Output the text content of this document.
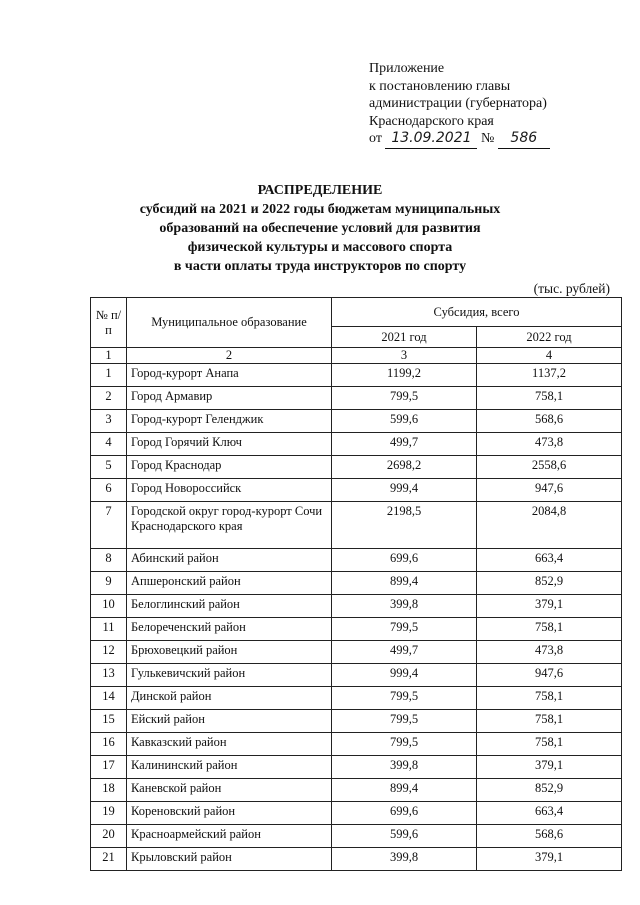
Приложение
к постановлению главы
администрации (губернатора)
Краснодарского края
от 13.09.2021 № 586
РАСПРЕДЕЛЕНИЕ
субсидий на 2021 и 2022 годы бюджетам муниципальных
образований на обеспечение условий для развития
физической культуры и массового спорта
в части оплаты труда инструкторов по спорту
(тыс. рублей)
№ п/п	Муниципальное образование	Субсидия, всего	
		2021 год	2022 год
1	2	3	4
1	Город-курорт Анапа	1199,2	1137,2
2	Город Армавир	799,5	758,1
3	Город-курорт Геленджик	599,6	568,6
4	Город Горячий Ключ	499,7	473,8
5	Город Краснодар	2698,2	2558,6
6	Город Новороссийск	999,4	947,6
7	Городской округ город-курорт Сочи Краснодарского края	2198,5	2084,8
8	Абинский район	699,6	663,4
9	Апшеронский район	899,4	852,9
10	Белоглинский район	399,8	379,1
11	Белореченский район	799,5	758,1
12	Брюховецкий район	499,7	473,8
13	Гулькевичский район	999,4	947,6
14	Динской район	799,5	758,1
15	Ейский район	799,5	758,1
16	Кавказский район	799,5	758,1
17	Калининский район	399,8	379,1
18	Каневской район	899,4	852,9
19	Кореновский район	699,6	663,4
20	Красноармейский район	599,6	568,6
21	Крыловский район	399,8	379,1
